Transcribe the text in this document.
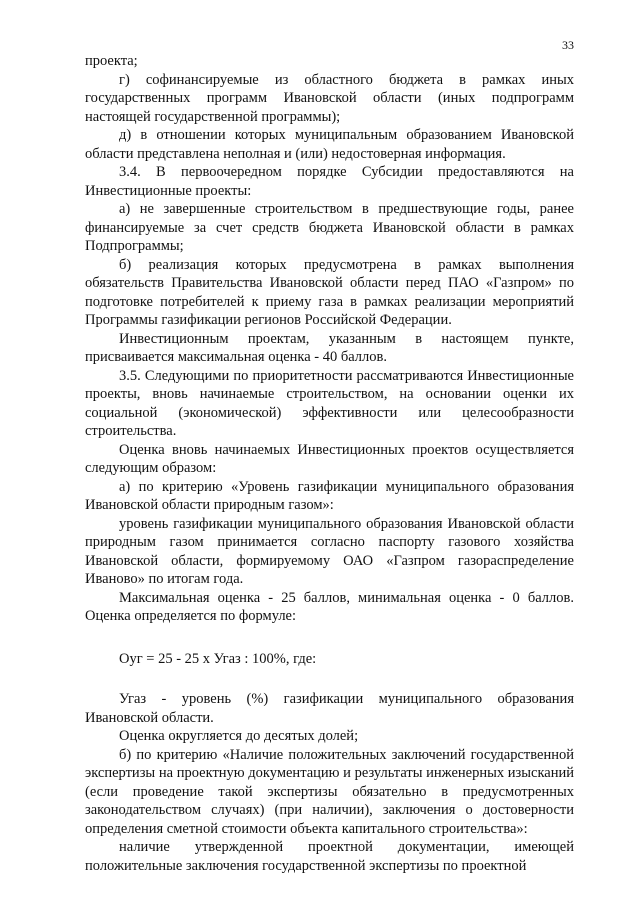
33

проекта;

г) софинансируемые из областного бюджета в рамках иных государственных программ Ивановской области (иных подпрограмм настоящей государственной программы);

д) в отношении которых муниципальным образованием Ивановской области представлена неполная и (или) недостоверная информация.

3.4. В первоочередном порядке Субсидии предоставляются на Инвестиционные проекты:

а) не завершенные строительством в предшествующие годы, ранее финансируемые за счет средств бюджета Ивановской области в рамках Подпрограммы;

б) реализация которых предусмотрена в рамках выполнения обязательств Правительства Ивановской области перед ПАО «Газпром» по подготовке потребителей к приему газа в рамках реализации мероприятий Программы газификации регионов Российской Федерации.

Инвестиционным проектам, указанным в настоящем пункте, присваивается максимальная оценка - 40 баллов.

3.5. Следующими по приоритетности рассматриваются Инвестиционные проекты, вновь начинаемые строительством, на основании оценки их социальной (экономической) эффективности или целесообразности строительства.

Оценка вновь начинаемых Инвестиционных проектов осуществляется следующим образом:

а) по критерию «Уровень газификации муниципального образования Ивановской области природным газом»:

уровень газификации муниципального образования Ивановской области природным газом принимается согласно паспорту газового хозяйства Ивановской области, формируемому ОАО «Газпром газораспределение Иваново» по итогам года.

Максимальная оценка - 25 баллов, минимальная оценка - 0 баллов. Оценка определяется по формуле:

Оуг = 25 - 25 х Угаз : 100%, где:

Угаз - уровень (%) газификации муниципального образования Ивановской области.

Оценка округляется до десятых долей;

б) по критерию «Наличие положительных заключений государственной экспертизы на проектную документацию и результаты инженерных изысканий (если проведение такой экспертизы обязательно в предусмотренных законодательством случаях) (при наличии), заключения о достоверности определения сметной стоимости объекта капитального строительства»:

наличие утвержденной проектной документации, имеющей положительные заключения государственной экспертизы по проектной
